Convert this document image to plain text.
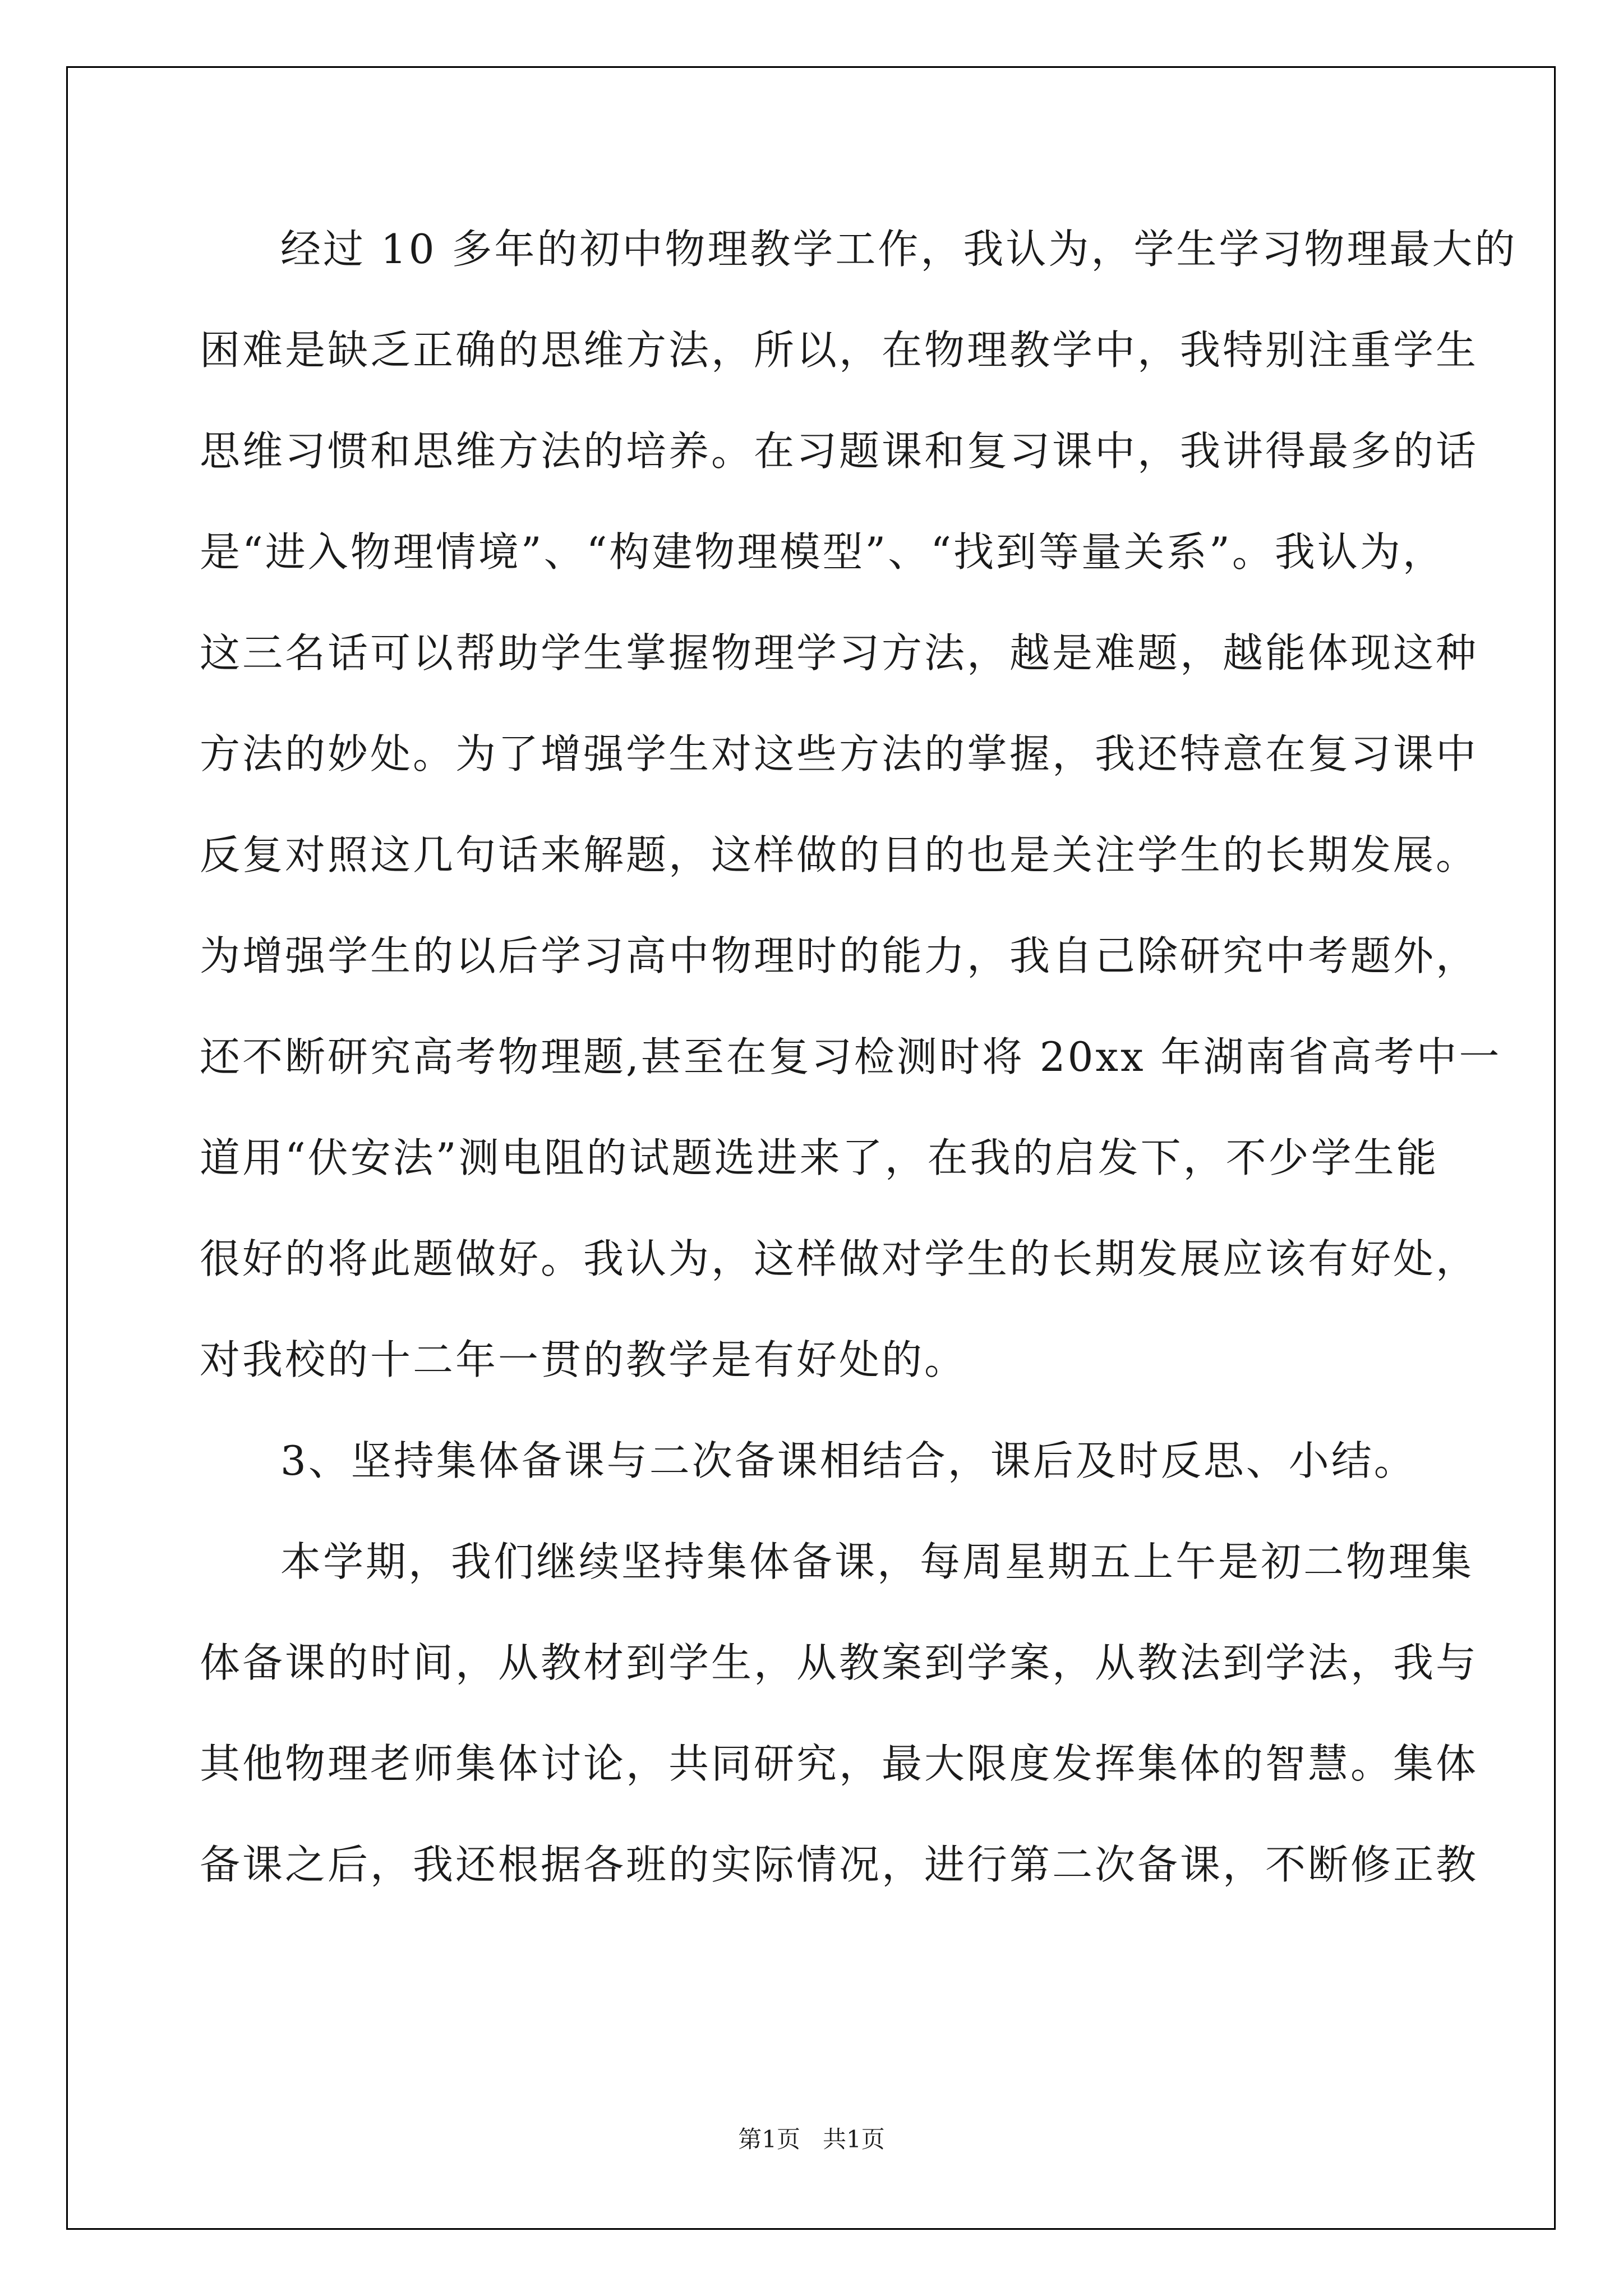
经过 10 多年的初中物理教学工作，我认为，学生学习物理最大的

困难是缺乏正确的思维方法，所以，在物理教学中，我特别注重学生

思维习惯和思维方法的培养。在习题课和复习课中，我讲得最多的话

是“进入物理情境”、“构建物理模型”、“找到等量关系”。我认为，

这三名话可以帮助学生掌握物理学习方法，越是难题，越能体现这种

方法的妙处。为了增强学生对这些方法的掌握，我还特意在复习课中

反复对照这几句话来解题，这样做的目的也是关注学生的长期发展。

为增强学生的以后学习高中物理时的能力，我自己除研究中考题外，

还不断研究高考物理题,甚至在复习检测时将 20xx 年湖南省高考中一

道用“伏安法”测电阻的试题选进来了，在我的启发下，不少学生能

很好的将此题做好。我认为，这样做对学生的长期发展应该有好处，

对我校的十二年一贯的教学是有好处的。

3、坚持集体备课与二次备课相结合，课后及时反思、小结。

本学期，我们继续坚持集体备课，每周星期五上午是初二物理集

体备课的时间，从教材到学生，从教案到学案，从教法到学法，我与

其他物理老师集体讨论，共同研究，最大限度发挥集体的智慧。集体

备课之后，我还根据各班的实际情况，进行第二次备课，不断修正教

第1页   共1页
